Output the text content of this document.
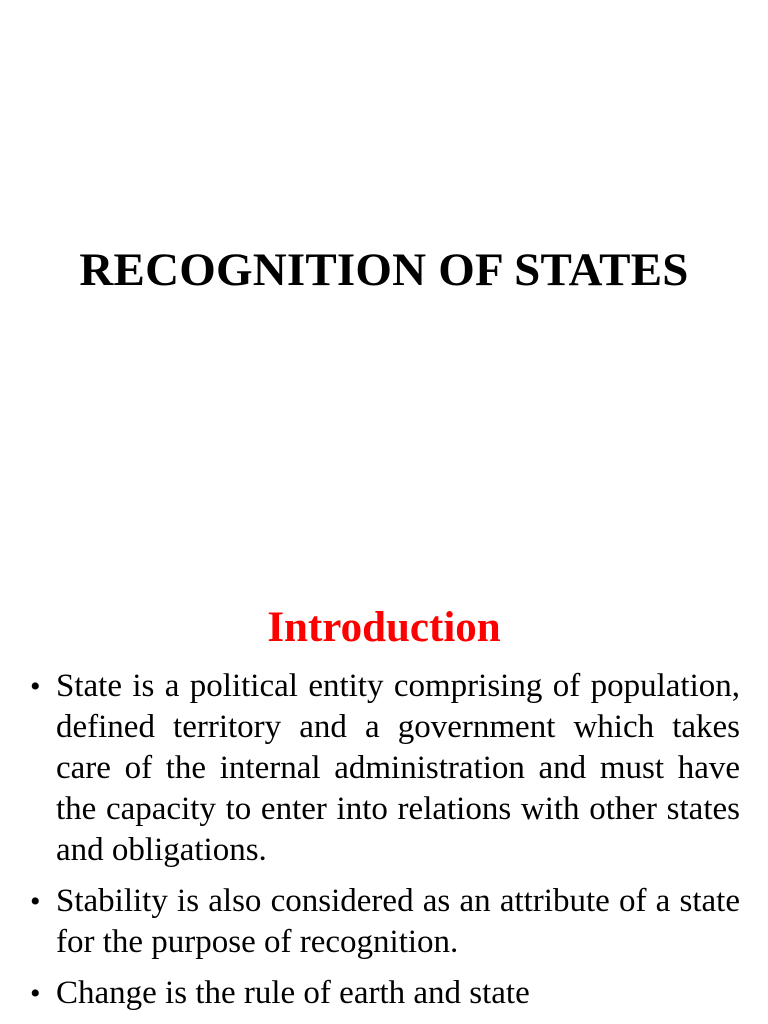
RECOGNITION OF STATES
Introduction
• State is a political entity comprising of population, defined territory and a government which takes care of the internal administration and must have the capacity to enter into relations with other states and obligations.
• Stability is also considered as an attribute of a state for the purpose of recognition.
• Change is the rule of earth and state
